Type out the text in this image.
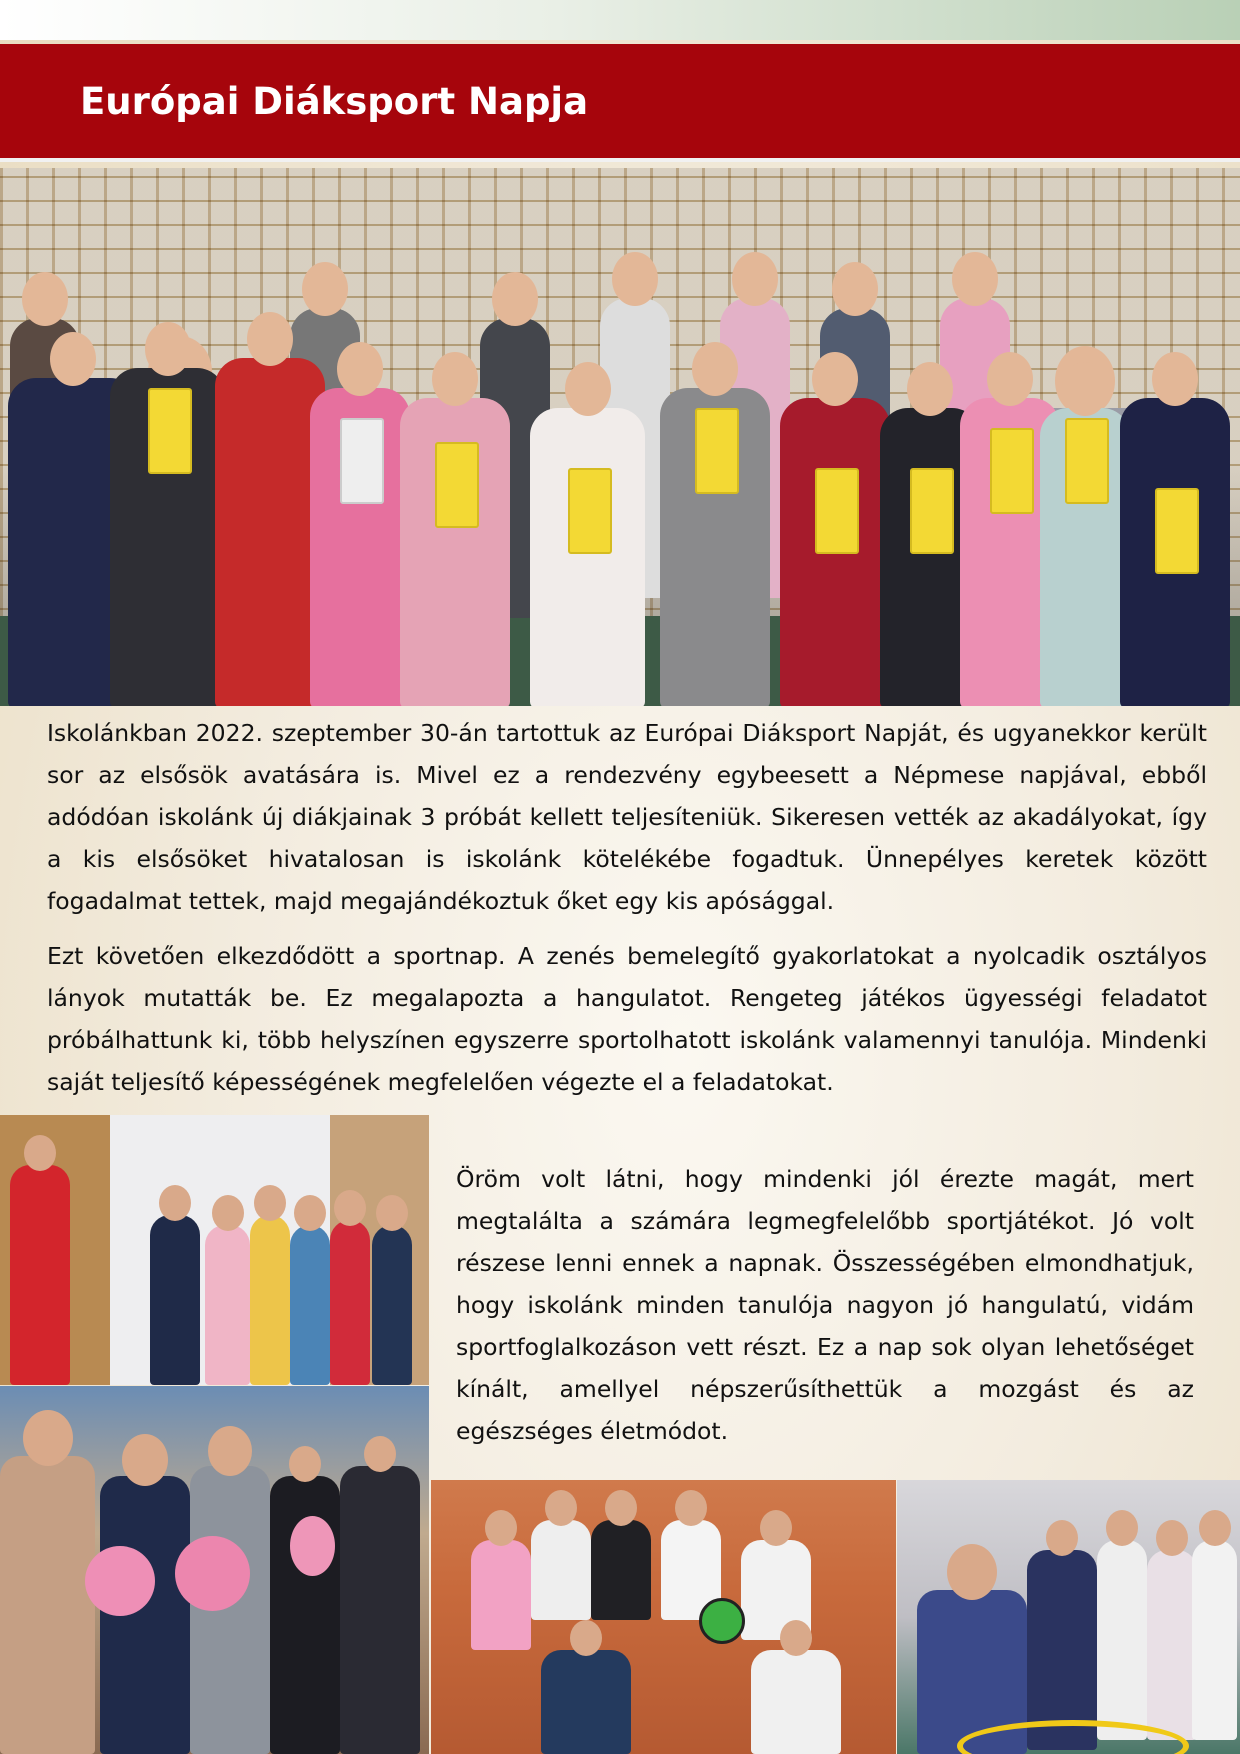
Európai Diáksport Napja

Iskolánkban 2022. szeptember 30-án tartottuk az Európai Diáksport Napját, és ugyanekkor került sor az elsősök avatására is. Mivel ez a rendezvény egybeesett a Népmese napjával, ebből adódóan iskolánk új diákjainak 3 próbát kellett teljesíteniük. Sikeresen vették az akadályokat, így a kis elsősöket hivatalosan is iskolánk kötelékébe fogadtuk. Ünnepélyes keretek között fogadalmat tettek, majd megajándékoztuk őket egy kis apósággal.

Ezt követően elkezdődött a sportnap. A zenés bemelegítő gyakorlatokat a nyolcadik osztályos lányok mutatták be. Ez megalapozta a hangulatot. Rengeteg játékos ügyességi feladatot próbálhattunk ki, több helyszínen egyszerre sportolhatott iskolánk valamennyi tanulója. Mindenki saját teljesítő képességének megfelelően végezte el a feladatokat.

Öröm volt látni, hogy mindenki jól érezte magát, mert megtalálta a számára legmegfelelőbb sportjátékot. Jó volt részese lenni ennek a napnak. Összességében elmondhatjuk, hogy iskolánk minden tanulója nagyon jó hangulatú, vidám sportfoglalkozáson vett részt. Ez a nap sok olyan lehetőséget kínált, amellyel népszerűsíthettük a mozgást és az egészséges életmódot.
